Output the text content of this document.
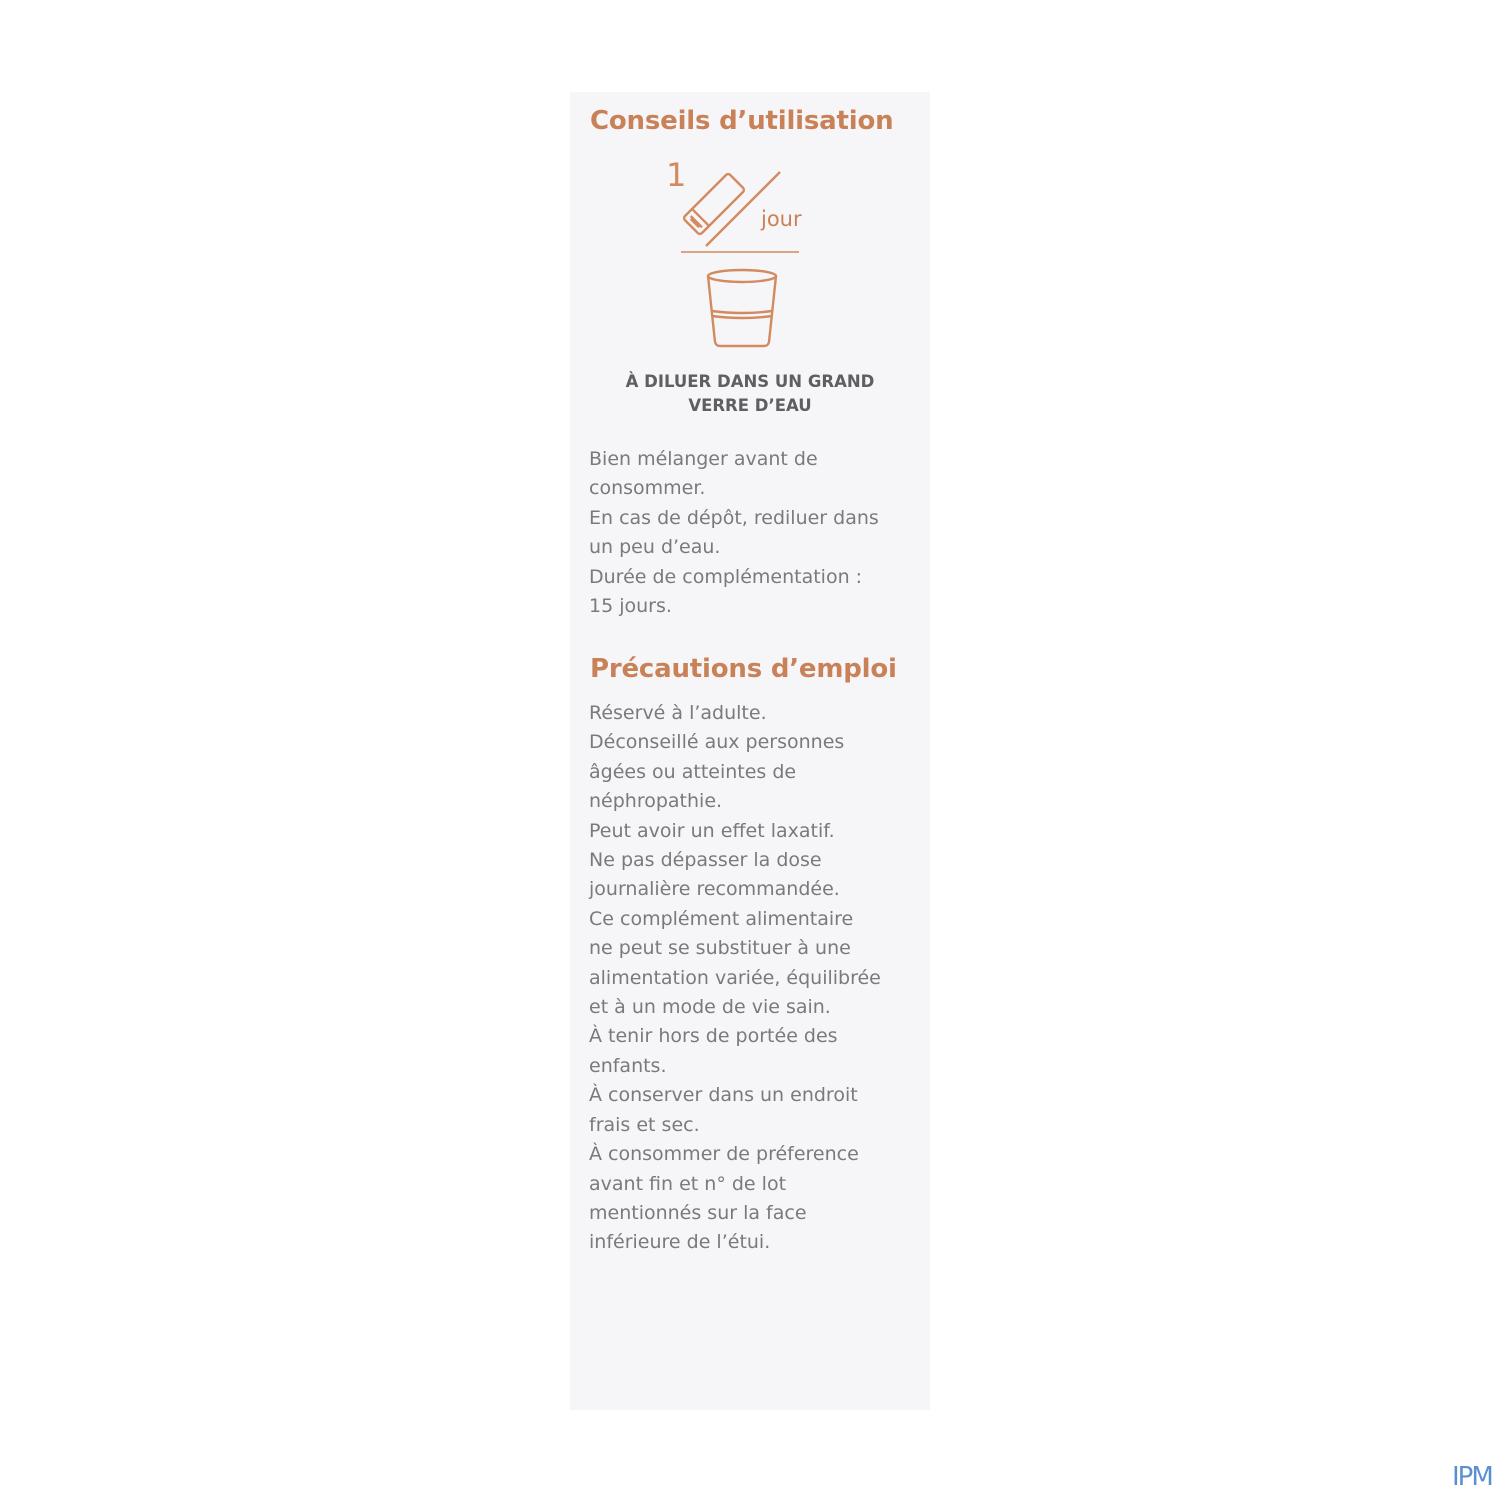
Conseils d’utilisation
1
jour
À DILUER DANS UN GRAND
VERRE D’EAU
Bien mélanger avant de
consommer.
En cas de dépôt, rediluer dans
un peu d’eau.
Durée de complémentation :
15 jours.
Précautions d’emploi
Réservé à l’adulte.
Déconseillé aux personnes
âgées ou atteintes de
néphropathie.
Peut avoir un effet laxatif.
Ne pas dépasser la dose
journalière recommandée.
Ce complément alimentaire
ne peut se substituer à une
alimentation variée, équilibrée
et à un mode de vie sain.
À tenir hors de portée des
enfants.
À conserver dans un endroit
frais et sec.
À consommer de préference
avant fin et n° de lot
mentionnés sur la face
inférieure de l’étui.
IPM
